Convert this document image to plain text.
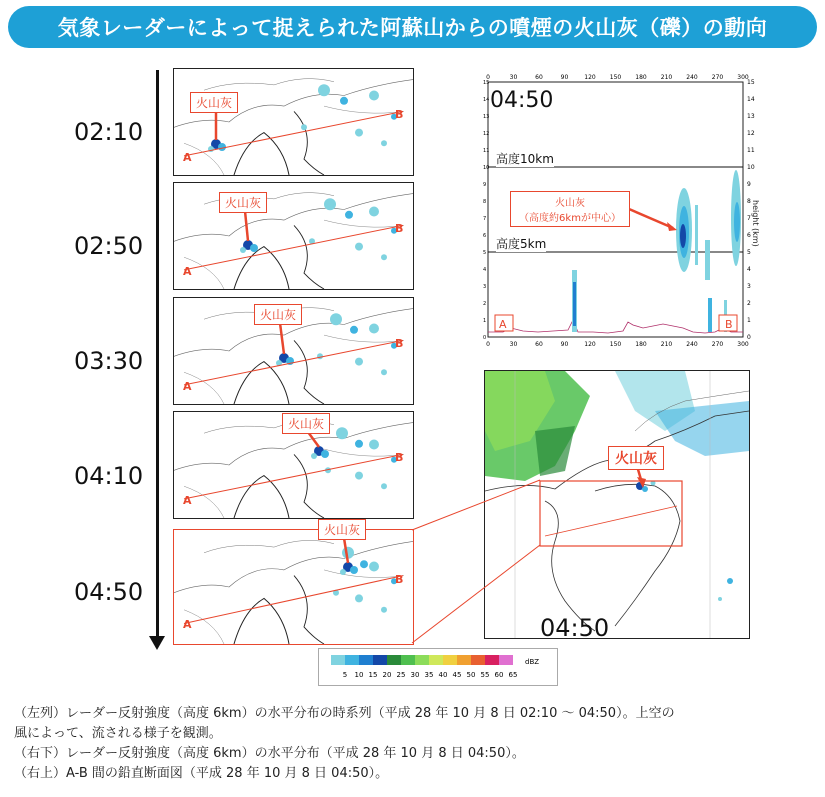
気象レーダーによって捉えられた阿蘇山からの噴煙の火山灰（礫）の動向
02:10
02:50
03:30
04:10
04:50
火山灰
A
B
火山灰
A
B
火山灰
A
B
火山灰
A
B
火山灰
A
B
0	30	60	90	120 150 180 210 240 270 300
0	30	60	90	120 150 180 210 240 270 300
0
0
1
1
2
2
3
3
4
4
5
5
6
6
7
7
8
8
9
9
10
10
11
11
12
12
13
13
14
14
15
15
04:50
高度10km
高度5km
火山灰
（高度約6kmが中心）
A	B
height (km)
火山灰
04:50
5 10 15 20 25 30 35 40 45 50 55 60 65
dBZ
（左列）レーダー反射強度（高度 6km）の水平分布の時系列（平成 28 年 10 月 8 日 02:10 ～ 04:50）。上空の
風によって、流される様子を観測。
（右下）レーダー反射強度（高度 6km）の水平分布（平成 28 年 10 月 8 日 04:50）。
（右上）A-B 間の鉛直断面図（平成 28 年 10 月 8 日 04:50）。
